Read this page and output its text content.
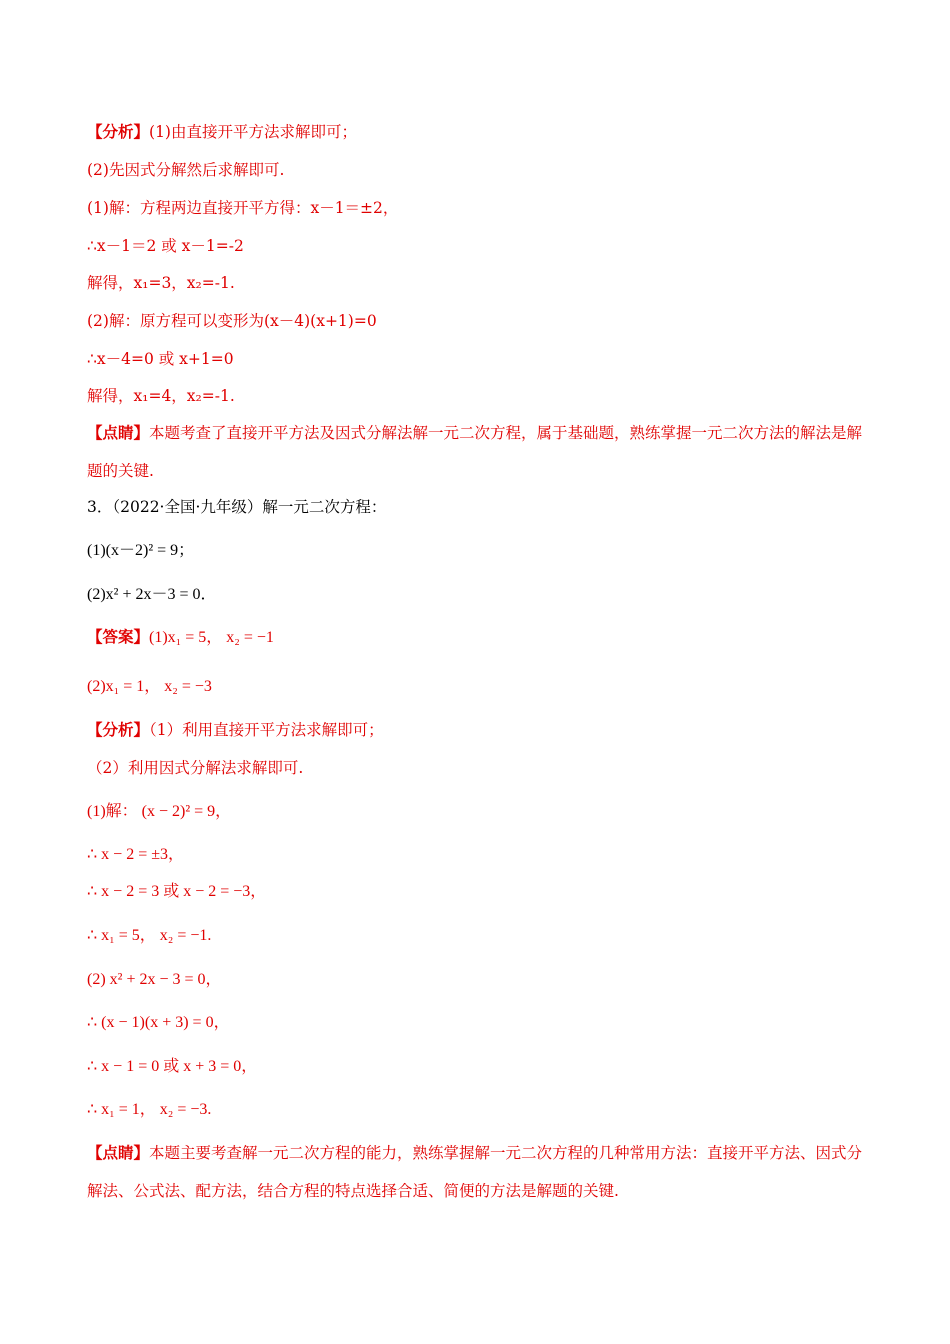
【分析】(1)由直接开平方法求解即可；
(2)先因式分解然后求解即可.
(1)解：方程两边直接开平方得：x－1＝±2，
∴x－1＝2 或 x－1=-2
解得，x₁=3，x₂=-1.
(2)解：原方程可以变形为(x－4)(x+1)=0
∴x－4=0 或 x+1=0
解得，x₁=4，x₂=-1.
【点睛】本题考查了直接开平方法及因式分解法解一元二次方程，属于基础题，熟练掌握一元二次方法的解法是解题的关键.
3．（2022·全国·九年级）解一元二次方程：
(1)(x－2)² = 9；
(2)x² + 2x－3 = 0．
【答案】(1)x₁ = 5， x₂ = −1
(2)x₁ = 1， x₂ = −3
【分析】（1）利用直接开平方法求解即可；
（2）利用因式分解法求解即可.
(1)解： (x − 2)² = 9，
∴ x − 2 = ±3，
∴ x − 2 = 3 或 x − 2 = −3，
∴ x₁ = 5， x₂ = −1.
(2) x² + 2x − 3 = 0，
∴ (x − 1)(x + 3) = 0，
∴ x − 1 = 0 或 x + 3 = 0，
∴ x₁ = 1， x₂ = −3.
【点睛】本题主要考查解一元二次方程的能力，熟练掌握解一元二次方程的几种常用方法：直接开平方法、因式分解法、公式法、配方法，结合方程的特点选择合适、简便的方法是解题的关键.
